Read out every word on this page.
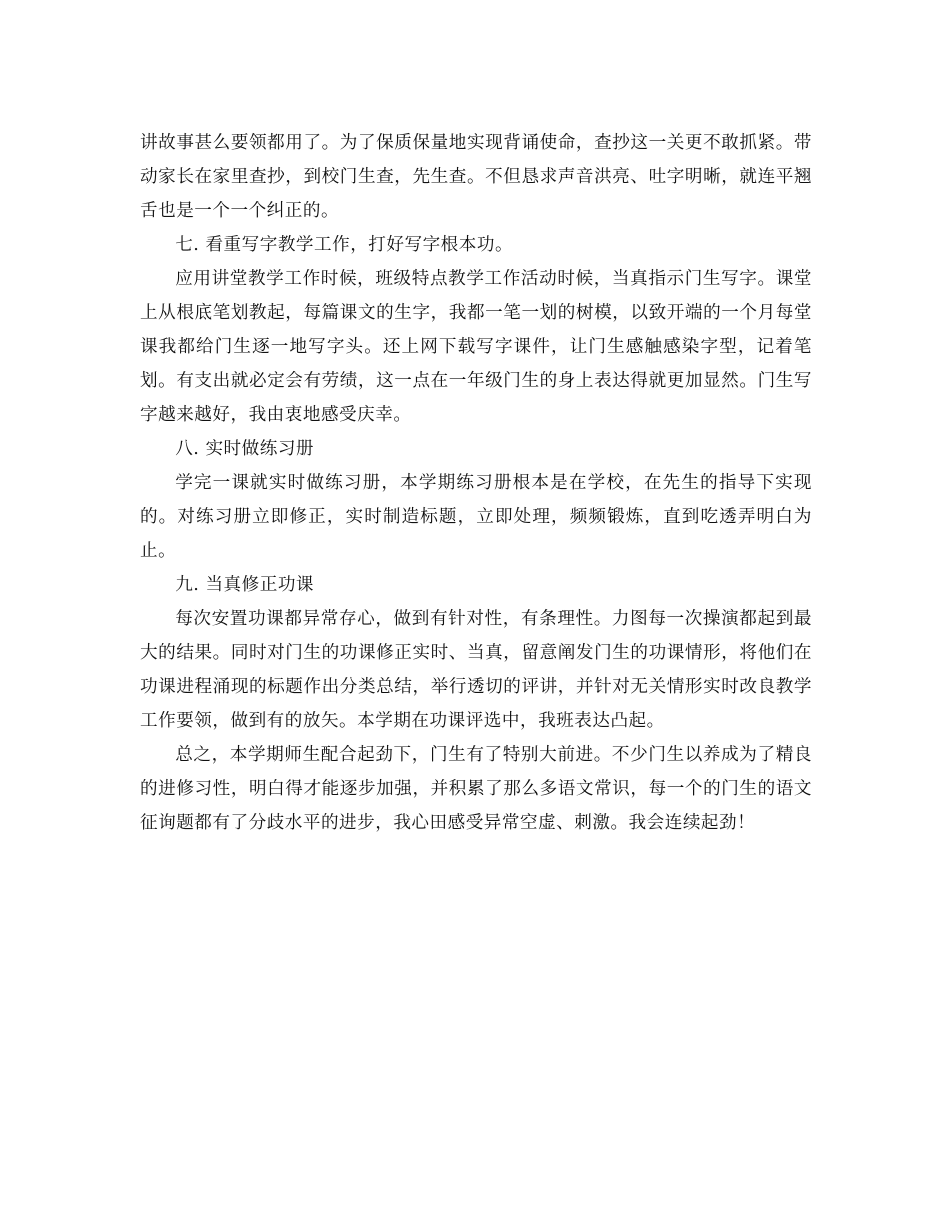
讲故事甚么要领都用了。为了保质保量地实现背诵使命，查抄这一关更不敢抓紧。带动家长在家里查抄，到校门生查，先生查。不但恳求声音洪亮、吐字明晰，就连平翘舌也是一个一个纠正的。

七. 看重写字教学工作，打好写字根本功。

应用讲堂教学工作时候，班级特点教学工作活动时候，当真指示门生写字。课堂上从根底笔划教起，每篇课文的生字，我都一笔一划的树模，以致开端的一个月每堂课我都给门生逐一地写字头。还上网下载写字课件，让门生感触感染字型，记着笔划。有支出就必定会有劳绩，这一点在一年级门生的身上表达得就更加显然。门生写字越来越好，我由衷地感受庆幸。

八. 实时做练习册

学完一课就实时做练习册，本学期练习册根本是在学校，在先生的指导下实现的。对练习册立即修正，实时制造标题，立即处理，频频锻炼，直到吃透弄明白为止。

九. 当真修正功课

每次安置功课都异常存心，做到有针对性，有条理性。力图每一次操演都起到最大的结果。同时对门生的功课修正实时、当真，留意阐发门生的功课情形，将他们在功课进程涌现的标题作出分类总结，举行透切的评讲，并针对无关情形实时改良教学工作要领，做到有的放矢。本学期在功课评选中，我班表达凸起。

总之，本学期师生配合起劲下，门生有了特别大前进。不少门生以养成为了精良的进修习性，明白得才能逐步加强，并积累了那么多语文常识，每一个的门生的语文征询题都有了分歧水平的进步，我心田感受异常空虚、刺激。我会连续起劲！
